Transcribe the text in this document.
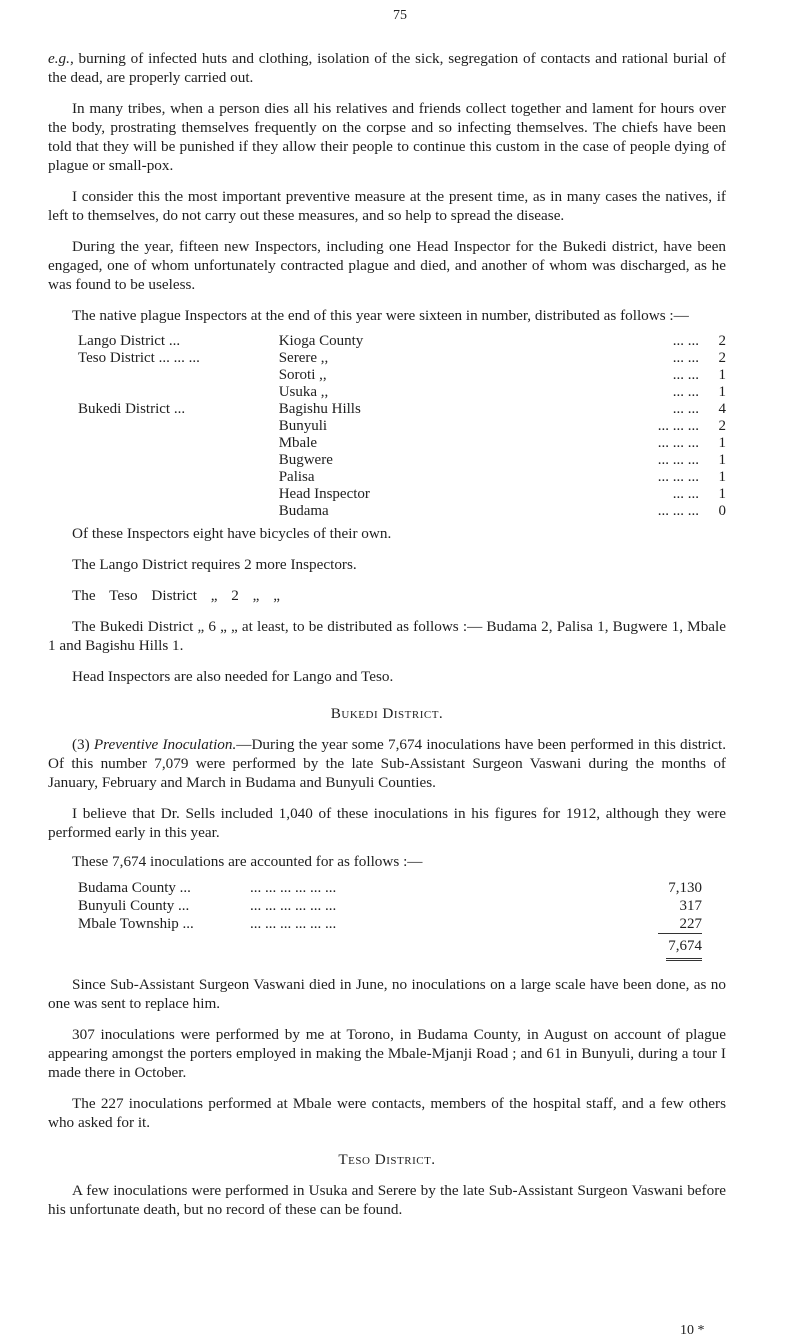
75

e.g., burning of infected huts and clothing, isolation of the sick, segregation of contacts and rational burial of the dead, are properly carried out.

In many tribes, when a person dies all his relatives and friends collect together and lament for hours over the body, prostrating themselves frequently on the corpse and so infecting themselves. The chiefs have been told that they will be punished if they allow their people to continue this custom in the case of people dying of plague or small-pox.

I consider this the most important preventive measure at the present time, as in many cases the natives, if left to themselves, do not carry out these measures, and so help to spread the disease.

During the year, fifteen new Inspectors, including one Head Inspector for the Bukedi district, have been engaged, one of whom unfortunately contracted plague and died, and another of whom was discharged, as he was found to be useless.

The native plague Inspectors at the end of this year were sixteen in number, distributed as follows :—

Lango District ...	Kioga County	... ...	2
Teso District ... ... ...	Serere ,,	... ...	2
	Soroti ,,	... ...	1
	Usuka ,,	... ...	1
Bukedi District ...	Bagishu Hills	... ...	4
	Bunyuli	... ... ...	2
	Mbale	... ... ...	1
	Bugwere	... ... ...	1
	Palisa	... ... ...	1
	Head Inspector	... ...	1
	Budama	... ... ...	0

Of these Inspectors eight have bicycles of their own.

The Lango District requires 2 more Inspectors.

The Teso District „ 2 „ „

The Bukedi District „ 6 „ „ at least, to be distributed as follows :— Budama 2, Palisa 1, Bugwere 1, Mbale 1 and Bagishu Hills 1.

Head Inspectors are also needed for Lango and Teso.

Bukedi District.

(3) Preventive Inoculation.—During the year some 7,674 inoculations have been performed in this district. Of this number 7,079 were performed by the late Sub-Assistant Surgeon Vaswani during the months of January, February and March in Budama and Bunyuli Counties.

I believe that Dr. Sells included 1,040 of these inoculations in his figures for 1912, although they were performed early in this year.

These 7,674 inoculations are accounted for as follows :—

Budama County ...	... ... ... ... ... ...	7,130
Bunyuli County ...	... ... ... ... ... ...	317
Mbale Township ...	... ... ... ... ... ...	227

		7,674

Since Sub-Assistant Surgeon Vaswani died in June, no inoculations on a large scale have been done, as no one was sent to replace him.

307 inoculations were performed by me at Torono, in Budama County, in August on account of plague appearing amongst the porters employed in making the Mbale-Mjanji Road ; and 61 in Bunyuli, during a tour I made there in October.

The 227 inoculations performed at Mbale were contacts, members of the hospital staff, and a few others who asked for it.

Teso District.

A few inoculations were performed in Usuka and Serere by the late Sub-Assistant Surgeon Vaswani before his unfortunate death, but no record of these can be found.

10 *
